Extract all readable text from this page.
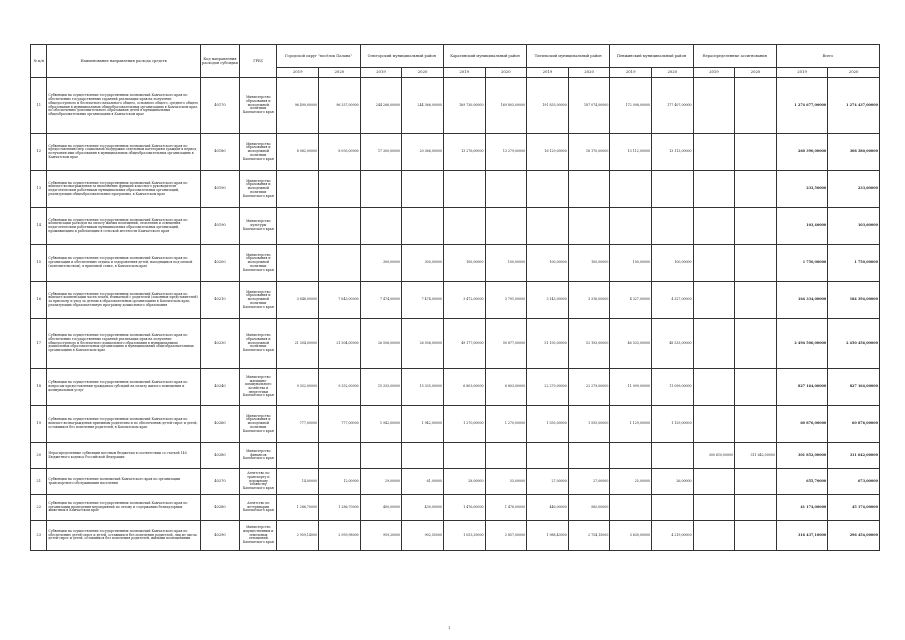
№ п/п	Наименование направления расхода средств	Код направления расходов субсидии	ГРБС	Городской округ "посёлок Палана"		Олюторский муниципальный район		Карагинский муниципальный район		Тигильский муниципальный район		Пенжинский муниципальный район		Нераспределенные ассигнования		Всего	
				2019	2020	2019	2020	2019	2020	2019	2020	2019	2020	2019	2020	2019	2020
11	Субвенции на осуществление государственных полномочий Камчатского края по обеспечению государственных гарантий реализации прав на получение общедоступного и бесплатного начального общего, основного общего, среднего общего образования в муниципальных общеобразовательных организациях в Камчатском крае, по обеспечению дополнительного образования детей в муниципальных общеобразовательных организациях в Камчатском крае	40170	Министерство образования и молодежной политики Камчатского края	96 490,00000	96 337,00000	244 266,00000	244 366,00000	169 730,00000	169 803,00000	191 833,00000	187 074,00000	172 098,00000	177 407,00000			1 274 677,00000	1 274 437,00000
12	Субвенции на осуществление государственных полномочий Камчатского края по предоставлению мер социальной поддержки отдельным категориям граждан в период получения ими образования в муниципальных общеобразовательных организациях в Камчатском крае	40180	Министерство образования и молодежной политики Камчатского края	8 082,00000	8 093,00000	17 300,00000	20 366,00000	13 276,00000	13 279,00000	16 129,00000	16 170,00000	13 112,00000	13 113,00000			260 390,00000	308 380,00000
13	Субвенции на осуществление государственных полномочий Камчатского края по выплате вознаграждения за выполнение функций классного руководителя педагогическим работникам муниципальных образовательных организаций, реализующих общеобразовательные программы, в Камчатском крае	40190	Министерство образования и молодежной политики Камчатского края													233,50000	233,60000
14	Субвенции на осуществление государственных полномочий Камчатского края по компенсации расходов на оплату жилых помещений, отопления и освещения педагогическим работникам муниципальных образовательных организаций, проживающим и работающим в сельской местности Камчатского края	40190	Министерство культуры Камчатского края													103,40000	103,60000
15	Субвенции на осуществление государственных полномочий Камчатского края по организации и обеспечению отдыха и оздоровления детей, находящихся под опекой (попечительством), в приемной семье, в Камчатском крае	40200	Министерство образования и молодежной политики Камчатского края			300,00000	300,00000	100,00000	100,00000	100,00000	100,00000	100,00000	100,00000			1 750,00000	1 750,00000
16	Субвенции на осуществление государственных полномочий Камчатского края по выплате компенсации части платы, взимаемой с родителей (законных представителей) за присмотр и уход за детьми в образовательных организациях в Камчатском крае, реализующих образовательную программу дошкольного образования	40210	Министерство образования и молодежной политики Камчатского края	3 846,00000	7 643,00000	7 474,00000	7 474,00000	3 472,00000	3 791,00000	3 143,00000	3 316,00000	4 327,00000	4 327,00000			164 334,00000	184 394,00000
17	Субвенции на осуществление государственных полномочий Камчатского края по обеспечению государственных гарантий реализации прав на получение общедоступного и бесплатного дошкольного образования в муниципальных дошкольных образовательных организациях и муниципальных общеобразовательных организациях в Камчатском крае	40230	Министерство образования и молодежной политики Камчатского края	21 304,00000	21 304,00000	26 506,00000	26 506,00000	49 177,00000	50 877,00000	51 193,00000	52 193,00000	46 533,00000	48 533,00000			2 494 506,00000	2 450 456,00000
18	Субвенции на осуществление государственных полномочий Камчатского края по вопросам предоставления гражданам субсидий на оплату жилого помещения и коммунальных услуг	40240	Министерство жилищно-коммунального хозяйства и энергетики Камчатского края	9 352,00000	9 352,00000	15 335,00000	15 335,00000	6 803,00000	6 803,00000	22 279,00000	22 279,00000	11 099,00000	11 099,00000			827 164,00000	827 164,00000
19	Субвенции на осуществление государственных полномочий Камчатского края по выплате вознаграждения приемным родителям и по обеспечению детей-сирот и детей, оставшихся без попечения родителей, в Камчатском крае	40260	Министерство образования и молодежной политики Камчатского края	777,00000	777,00000	1 942,00000	1 942,00000	1 270,00000	1 270,00000	1 555,00000	1 555,00000	1 129,00000	1 129,00000			60 876,00000	60 876,00000
20	Нераспределенные субвенции местным бюджетам в соответствии со статьей 140 Бюджетного кодекса Российской Федерации	40280	Министерство финансов Камчатского края											300 610,00000	311 642,00000	301 852,00000	311 642,00000
21	Субвенции на осуществление полномочий Камчатского края по организации транспортного обслуживания населения	40270	Агентство по транспорту и дорожному хозяйству Камчатского края	14,00000	12,00000	29,00000	61,00000	28,00000	53,00000	27,00000	27,00000	25,00000	26,00000			655,70000	673,00000
22	Субвенции на осуществление государственных полномочий Камчатского края по организации проведения мероприятий по отлову и содержанию безнадзорных животных в Камчатском крае	40280	Агентство по ветеринарии Камчатского края	1 286,70000	1 286,70000	400,00000	430,00000	1 476,00000	1 476,00000	446,00000	565,00000					41 174,00000	45 174,00000
23	Субвенции на осуществление государственных полномочий Камчатского края по обеспечению детей-сирот и детей, оставшихся без попечения родителей, лиц из числа детей-сирот и детей, оставшихся без попечения родителей, жилыми помещениями	40290	Министерство имущественных и земельных отношений Камчатского края	2 959,14000	2 959,98000	959,20000	902,55000	1 053,29000	2 857,00000	1 988,43000	2 754,15000	3 630,00000	4 219,00000			316 437,10000	296 454,00000
1
